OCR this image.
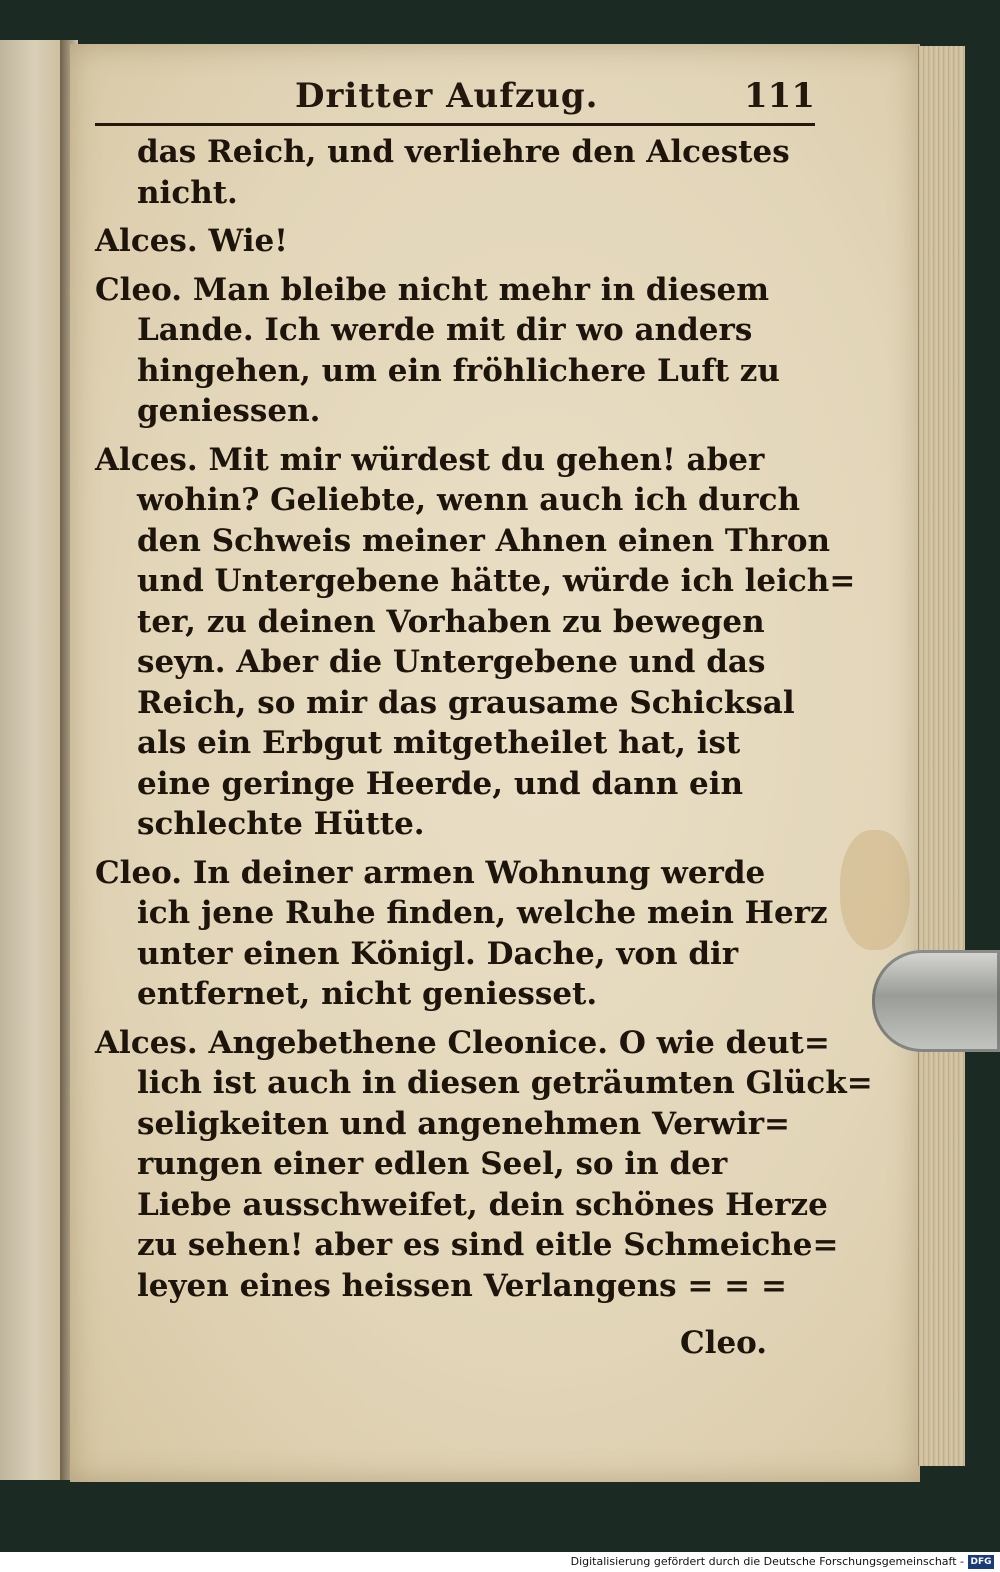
Dritter Aufzug.	111
das Reich, und verliehre den Alcestes
nicht.
Alces. Wie!
Cleo. Man bleibe nicht mehr in diesem
Lande. Ich werde mit dir wo anders
hingehen, um ein fröhlichere Luft zu
geniessen.
Alces. Mit mir würdest du gehen! aber
wohin? Geliebte, wenn auch ich durch
den Schweis meiner Ahnen einen Thron
und Untergebene hätte, würde ich leich=
ter, zu deinen Vorhaben zu bewegen
seyn. Aber die Untergebene und das
Reich, so mir das grausame Schicksal
als ein Erbgut mitgetheilet hat, ist
eine geringe Heerde, und dann ein
schlechte Hütte.
Cleo. In deiner armen Wohnung werde
ich jene Ruhe finden, welche mein Herz
unter einen Königl. Dache, von dir
entfernet, nicht geniesset.
Alces. Angebethene Cleonice. O wie deut=
lich ist auch in diesen geträumten Glück=
seligkeiten und angenehmen Verwir=
rungen einer edlen Seel, so in der
Liebe ausschweifet, dein schönes Herze
zu sehen! aber es sind eitle Schmeiche=
leyen eines heissen Verlangens = = =
Cleo.
Digitalisierung gefördert durch die Deutsche Forschungsgemeinschaft - DFG
